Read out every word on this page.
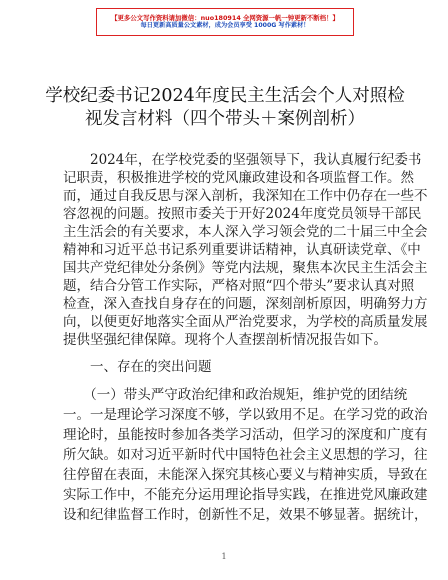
【更多公文写作资料请加微信：nuo180914 全网资源一帆一钟更新不断档！】
每日更新高质量公文素材，成为会员享受 1000G 写作素材！
学校纪委书记2024年度民主生活会个人对照检
视发言材料（四个带头＋案例剖析）
　　2024年，在学校党委的坚强领导下，我认真履行纪委书
记职责，积极推进学校的党风廉政建设和各项监督工作。然
而，通过自我反思与深入剖析，我深知在工作中仍存在一些不
容忽视的问题。按照市委关于开好2024年度党员领导干部民
主生活会的有关要求，本人深入学习领会党的二十届三中全会
精神和习近平总书记系列重要讲话精神，认真研读党章、《中
国共产党纪律处分条例》等党内法规，聚焦本次民主生活会主
题，结合分管工作实际，严格对照“四个带头”要求认真对照
检查，深入查找自身存在的问题，深刻剖析原因，明确努力方
向，以便更好地落实全面从严治党要求，为学校的高质量发展
提供坚强纪律保障。现将个人查摆剖析情况报告如下。
　　一、存在的突出问题
　　（一）带头严守政治纪律和政治规矩，维护党的团结统
一。一是理论学习深度不够，学以致用不足。在学习党的政治
理论时，虽能按时参加各类学习活动，但学习的深度和广度有
所欠缺。如对习近平新时代中国特色社会主义思想的学习，往
往停留在表面，未能深入探究其核心要义与精神实质，导致在
实际工作中，不能充分运用理论指导实践，在推进党风廉政建
设和纪律监督工作时，创新性不足，效果不够显著。据统计，
1
